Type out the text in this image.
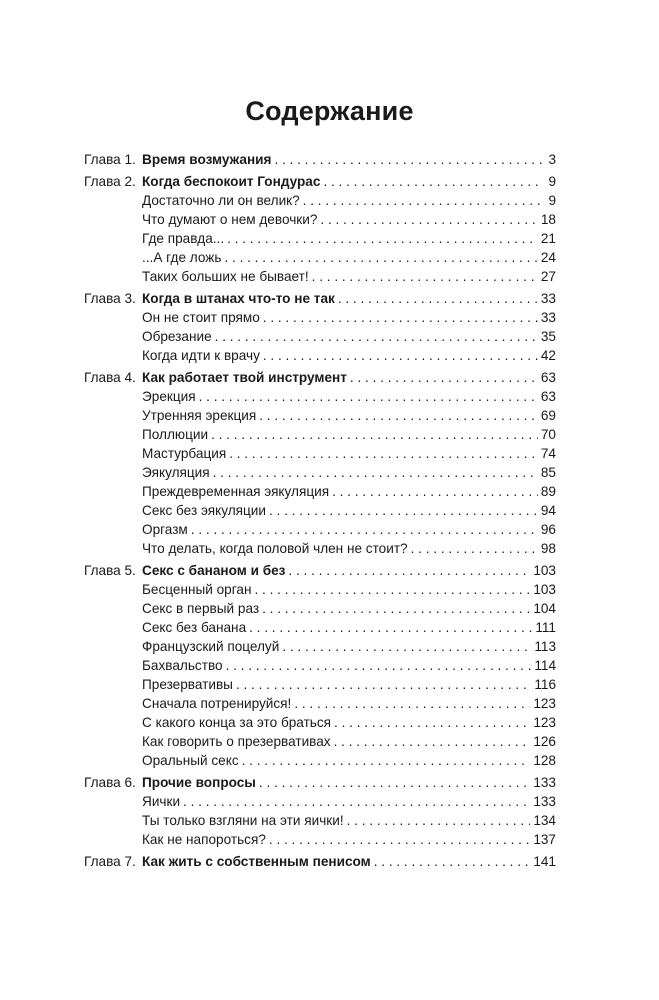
Содержание
Глава 1. Время возмужания . . .	3
Глава 2. Когда беспокоит Гондурас . . .	9
Достаточно ли он велик? . . .	9
Что думают о нем девочки? . . .	18
Где правда... . . .	21
...А где ложь . . .	24
Таких больших не бывает! . . .	27
Глава 3. Когда в штанах что-то не так . . .	33
Он не стоит прямо . . .	33
Обрезание . . .	35
Когда идти к врачу . . .	42
Глава 4. Как работает твой инструмент . . .	63
Эрекция . . .	63
Утренняя эрекция . . .	69
Поллюции . . .	70
Мастурбация . . .	74
Эякуляция . . .	85
Преждевременная эякуляция . . .	89
Секс без эякуляции . . .	94
Оргазм . . .	96
Что делать, когда половой член не стоит? . . .	98
Глава 5. Секс с бананом и без . . .	103
Бесценный орган . . .	103
Секс в первый раз . . .	104
Секс без банана . . .	111
Французский поцелуй . . .	113
Бахвальство . . .	114
Презервативы . . .	116
Сначала потренируйся! . . .	123
С какого конца за это браться . . .	123
Как говорить о презервативах . . .	126
Оральный секс . . .	128
Глава 6. Прочие вопросы . . .	133
Яички . . .	133
Ты только взгляни на эти яички! . . .	134
Как не напороться? . . .	137
Глава 7. Как жить с собственным пенисом . . .	141
